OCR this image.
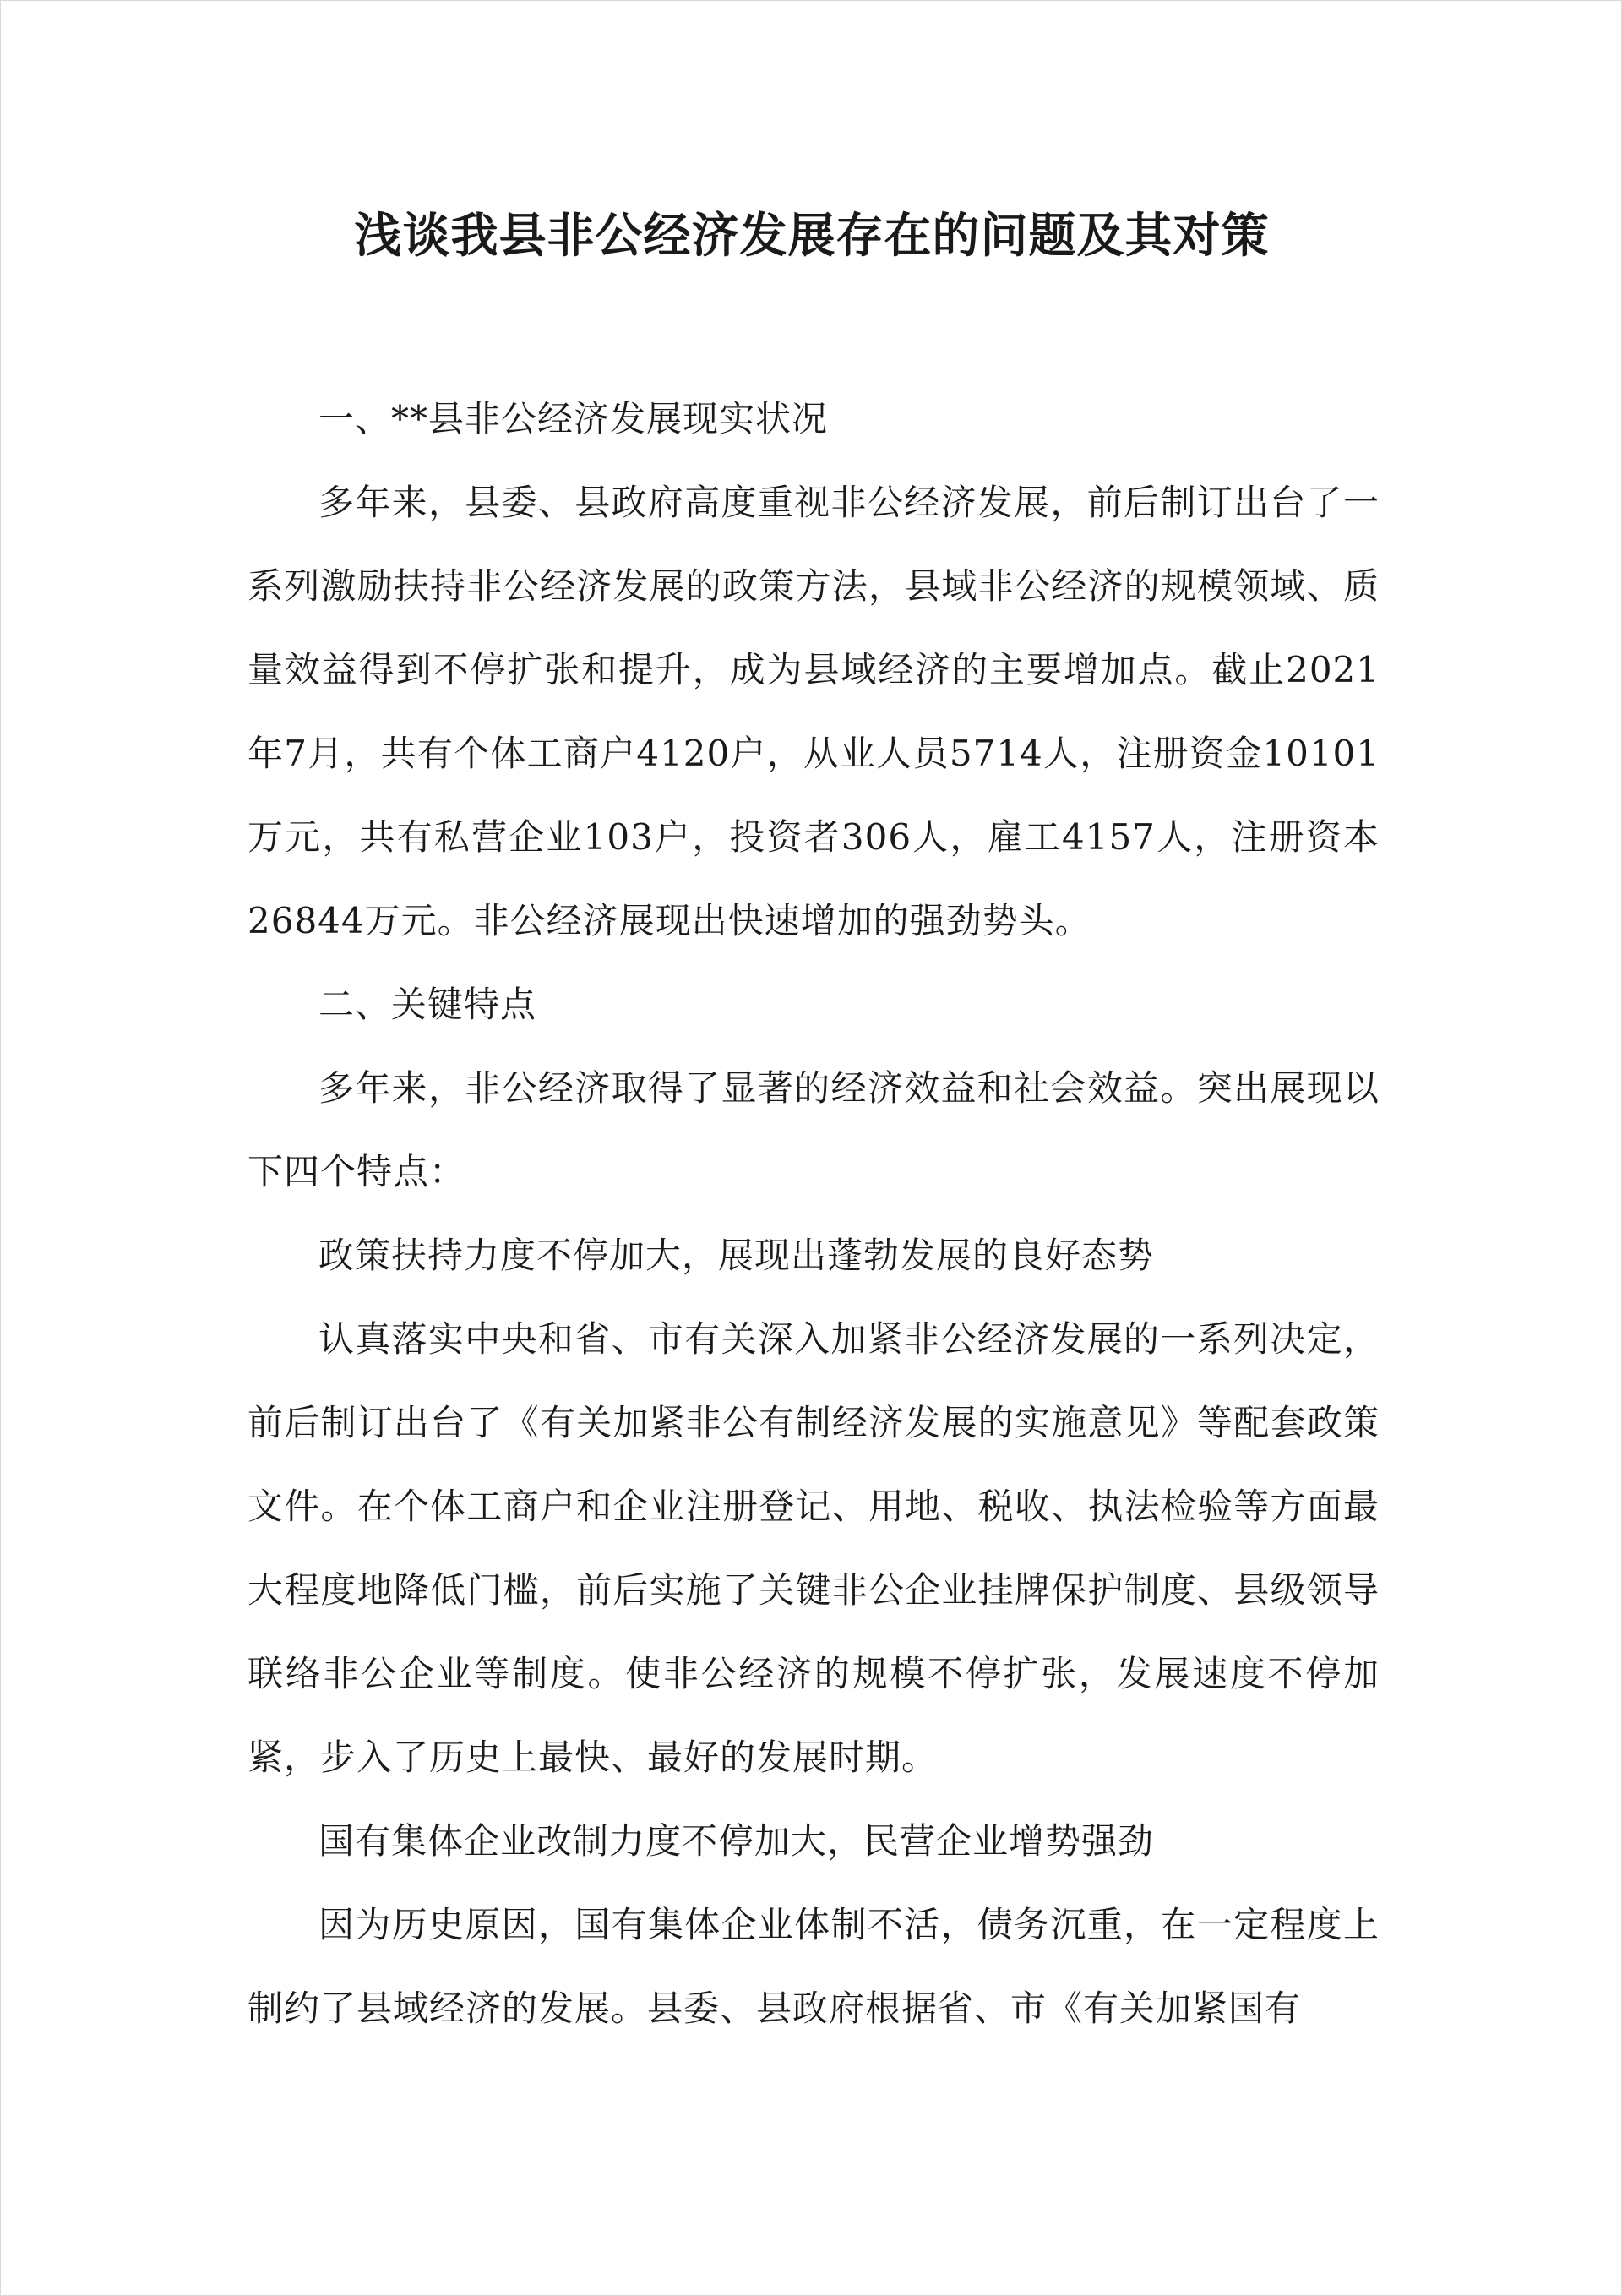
浅谈我县非公经济发展存在的问题及其对策

一、**县非公经济发展现实状况

多年来，县委、县政府高度重视非公经济发展，前后制订出台了一系列激励扶持非公经济发展的政策方法，县域非公经济的规模领域、质量效益得到不停扩张和提升，成为县域经济的主要增加点。截止2021年7月，共有个体工商户4120户，从业人员5714人，注册资金10101万元，共有私营企业103户，投资者306人，雇工4157人，注册资本26844万元。非公经济展现出快速增加的强劲势头。

二、关键特点

多年来，非公经济取得了显著的经济效益和社会效益。突出展现以下四个特点：

政策扶持力度不停加大，展现出蓬勃发展的良好态势

认真落实中央和省、市有关深入加紧非公经济发展的一系列决定，前后制订出台了《有关加紧非公有制经济发展的实施意见》等配套政策文件。在个体工商户和企业注册登记、用地、税收、执法检验等方面最大程度地降低门槛，前后实施了关键非公企业挂牌保护制度、县级领导联络非公企业等制度。使非公经济的规模不停扩张，发展速度不停加紧，步入了历史上最快、最好的发展时期。

国有集体企业改制力度不停加大，民营企业增势强劲

因为历史原因，国有集体企业体制不活，债务沉重，在一定程度上制约了县域经济的发展。县委、县政府根据省、市《有关加紧国有
